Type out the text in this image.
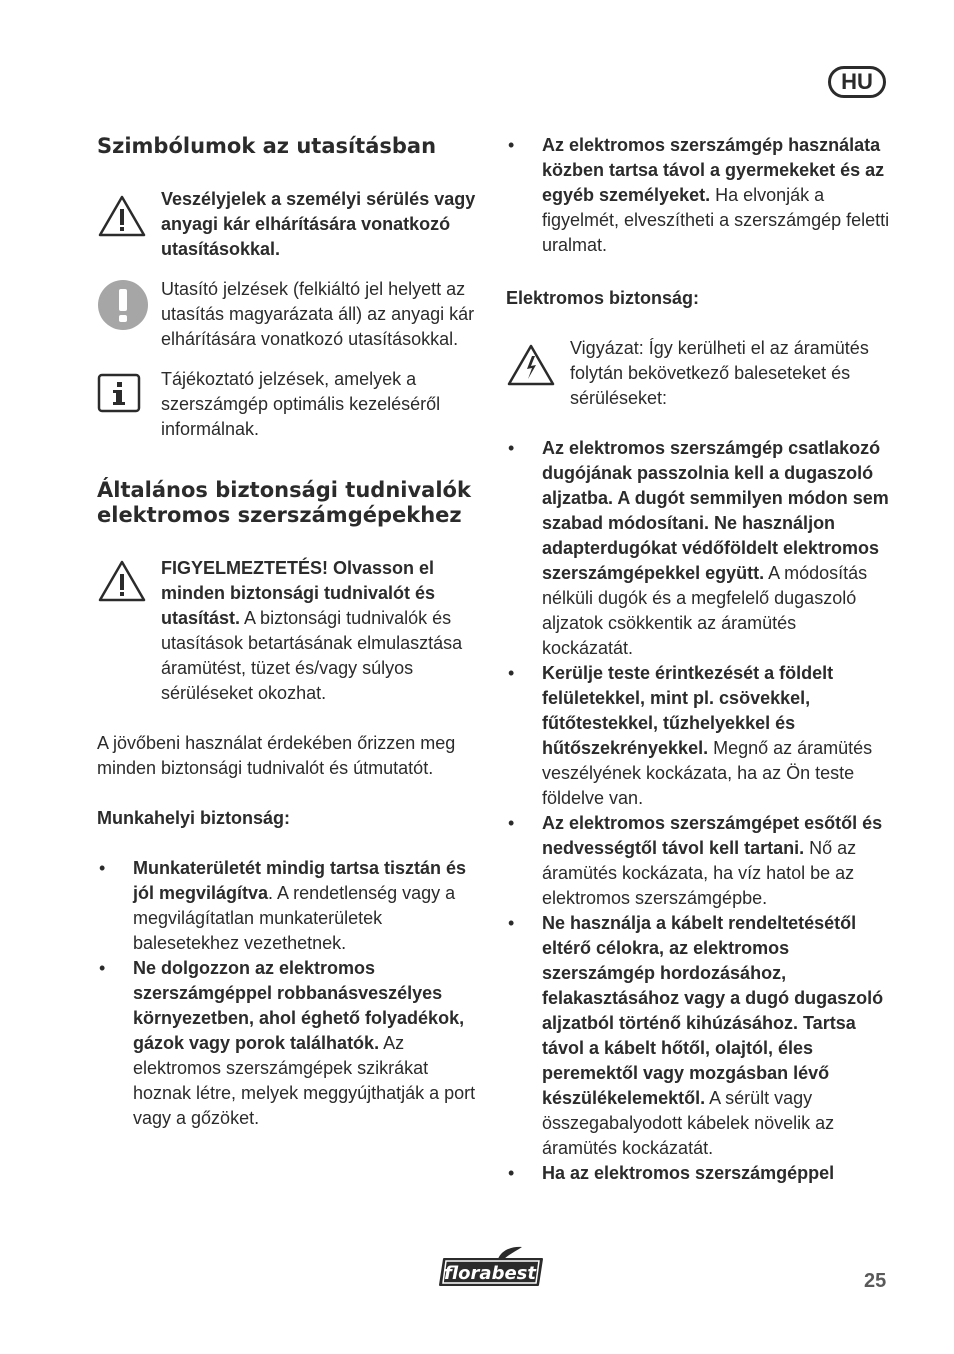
HU
Szimbólumok az utasításban

Veszélyjelek a személyi sérülés vagy anyagi kár elhárítására vonatkozó utasításokkal.

Utasító jelzések (felkiáltó jel helyett az utasítás magyarázata áll) az anyagi kár elhárítására vonatkozó utasításokkal.

Tájékoztató jelzések, amelyek a szerszámgép optimális kezeléséről informálnak.

Általános biztonsági tudnivalók elektromos szerszámgépekhez

FIGYELMEZTETÉS! Olvasson el minden biztonsági tudnivalót és utasítást. A biztonsági tudnivalók és utasítások betartásának elmulasztása áramütést, tüzet és/vagy súlyos sérüléseket okozhat.

A jövőbeni használat érdekében őrizzen meg minden biztonsági tudnivalót és útmutatót.

Munkahelyi biztonság:

•	Munkaterületét mindig tartsa tisztán és jól megvilágítva. A rendetlenség vagy a megvilágítatlan munkaterületek balesetekhez vezethetnek.
•	Ne dolgozzon az elektromos szerszámgéppel robbanásveszélyes környezetben, ahol éghető folyadékok, gázok vagy porok találhatók. Az elektromos szerszámgépek szikrákat hoznak létre, melyek meggyújthatják a port vagy a gőzöket.
•	Az elektromos szerszámgép használata közben tartsa távol a gyermekeket és az egyéb személyeket. Ha elvonják a figyelmét, elveszítheti a szerszámgép feletti uralmat.

Elektromos biztonság:

Vigyázat: Így kerülheti el az áramütés folytán bekövetkező baleseteket és sérüléseket:

•	Az elektromos szerszámgép csatlakozó dugójának passzolnia kell a dugaszoló aljzatba. A dugót semmilyen módon sem szabad módosítani. Ne használjon adapterdugókat védőföldelt elektromos szerszámgépekkel együtt. A módosítás nélküli dugók és a megfelelő dugaszoló aljzatok csökkentik az áramütés kockázatát.
•	Kerülje teste érintkezését a földelt felületekkel, mint pl. csövekkel, fűtőtestekkel, tűzhelyekkel és hűtőszekrényekkel. Megnő az áramütés veszélyének kockázata, ha az Ön teste földelve van.
•	Az elektromos szerszámgépet esőtől és nedvességtől távol kell tartani. Nő az áramütés kockázata, ha víz hatol be az elektromos szerszámgépbe.
•	Ne használja a kábelt rendeltetésétől eltérő célokra, az elektromos szerszámgép hordozásához, felakasztásához vagy a dugó dugaszoló aljzatból történő kihúzásához. Tartsa távol a kábelt hőtől, olajtól, éles peremektől vagy mozgásban lévő készülékelemektől. A sérült vagy összegabalyodott kábelek növelik az áramütés kockázatát.
•	Ha az elektromos szerszámgéppel
florabest	25
